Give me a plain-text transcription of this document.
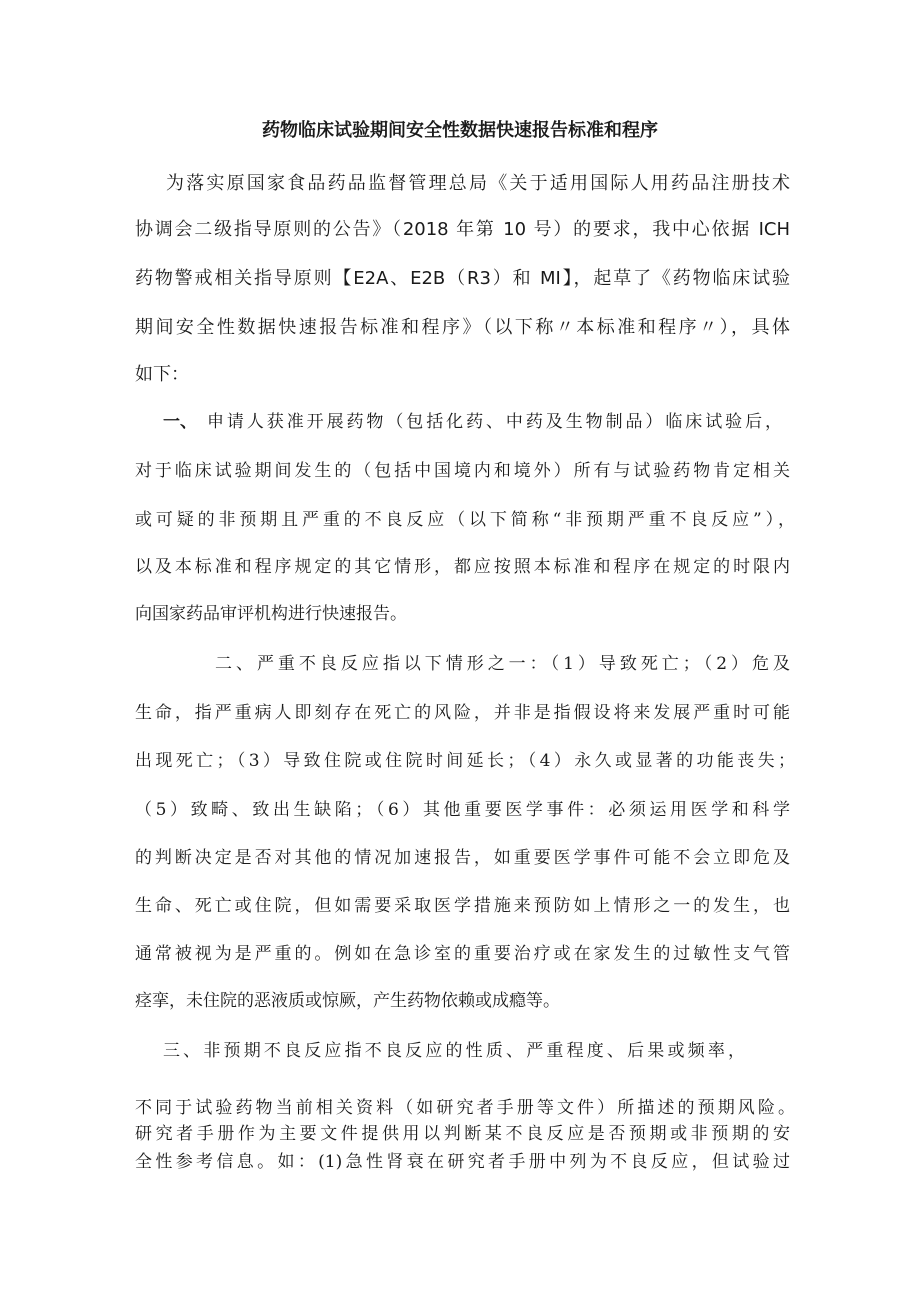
药物临床试验期间安全性数据快速报告标准和程序
为落实原国家食品药品监督管理总局《关于适用国际人用药品注册技术
协调会二级指导原则的公告》（2018 年第 10 号）的要求，我中心依据 ICH
药物警戒相关指导原则【E2A、E2B（R3）和 MI】，起草了《药物临床试验
期间安全性数据快速报告标准和程序》（以下称〃本标准和程序〃），具体
如下：
一、 申请人获准开展药物（包括化药、中药及生物制品）临床试验后，
对于临床试验期间发生的（包括中国境内和境外）所有与试验药物肯定相关
或可疑的非预期且严重的不良反应（以下简称“非预期严重不良反应”），
以及本标准和程序规定的其它情形，都应按照本标准和程序在规定的时限内
向国家药品审评机构进行快速报告。
二、严重不良反应指以下情形之一：（1）导致死亡；（2）危及
生命，指严重病人即刻存在死亡的风险，并非是指假设将来发展严重时可能
出现死亡；（3）导致住院或住院时间延长；（4）永久或显著的功能丧失；
（5）致畸、致出生缺陷；（6）其他重要医学事件：必须运用医学和科学
的判断决定是否对其他的情况加速报告，如重要医学事件可能不会立即危及
生命、死亡或住院，但如需要采取医学措施来预防如上情形之一的发生，也
通常被视为是严重的。例如在急诊室的重要治疗或在家发生的过敏性支气管
痉挛，未住院的恶液质或惊厥，产生药物依赖或成瘾等。
三、非预期不良反应指不良反应的性质、严重程度、后果或频率，
不同于试验药物当前相关资料（如研究者手册等文件）所描述的预期风险。
研究者手册作为主要文件提供用以判断某不良反应是否预期或非预期的安
全性参考信息。如：(1)急性肾衰在研究者手册中列为不良反应，但试验过
